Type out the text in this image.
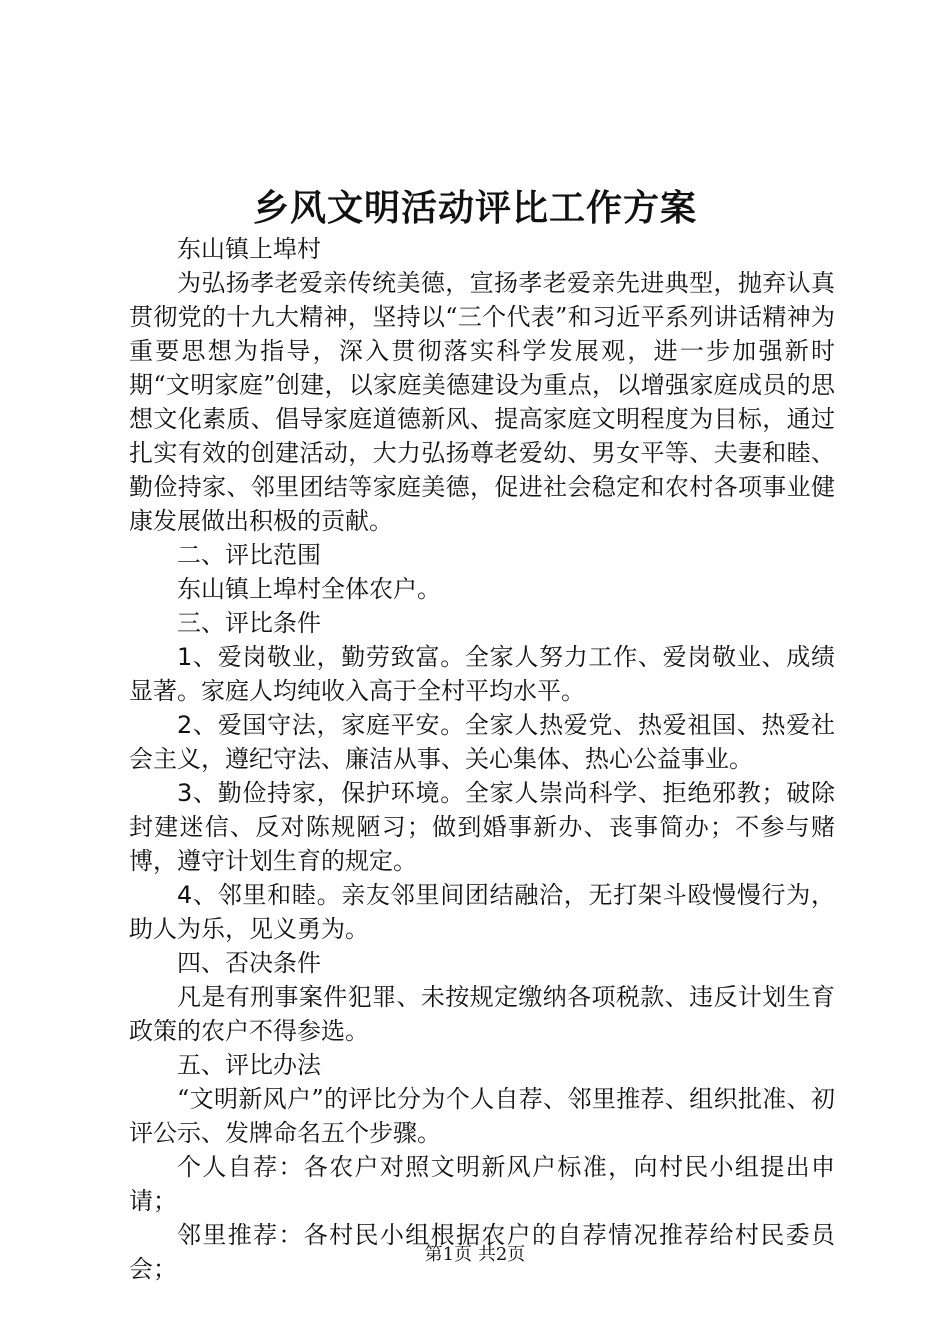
乡风文明活动评比工作方案

东山镇上埠村

为弘扬孝老爱亲传统美德，宣扬孝老爱亲先进典型，抛弃认真贯彻党的十九大精神，坚持以“三个代表”和习近平系列讲话精神为重要思想为指导，深入贯彻落实科学发展观，进一步加强新时期“文明家庭”创建，以家庭美德建设为重点，以增强家庭成员的思想文化素质、倡导家庭道德新风、提高家庭文明程度为目标，通过扎实有效的创建活动，大力弘扬尊老爱幼、男女平等、夫妻和睦、勤俭持家、邻里团结等家庭美德，促进社会稳定和农村各项事业健康发展做出积极的贡献。

二、评比范围

东山镇上埠村全体农户。

三、评比条件

1、爱岗敬业，勤劳致富。全家人努力工作、爱岗敬业、成绩显著。家庭人均纯收入高于全村平均水平。

2、爱国守法，家庭平安。全家人热爱党、热爱祖国、热爱社会主义，遵纪守法、廉洁从事、关心集体、热心公益事业。

3、勤俭持家，保护环境。全家人崇尚科学、拒绝邪教；破除封建迷信、反对陈规陋习；做到婚事新办、丧事简办；不参与赌博，遵守计划生育的规定。

4、邻里和睦。亲友邻里间团结融洽，无打架斗殴慢慢行为，助人为乐，见义勇为。

四、否决条件

凡是有刑事案件犯罪、未按规定缴纳各项税款、违反计划生育政策的农户不得参选。

五、评比办法

“文明新风户”的评比分为个人自荐、邻里推荐、组织批准、初评公示、发牌命名五个步骤。

个人自荐：各农户对照文明新风户标准，向村民小组提出申请；

邻里推荐：各村民小组根据农户的自荐情况推荐给村民委员会；

第1页 共2页
